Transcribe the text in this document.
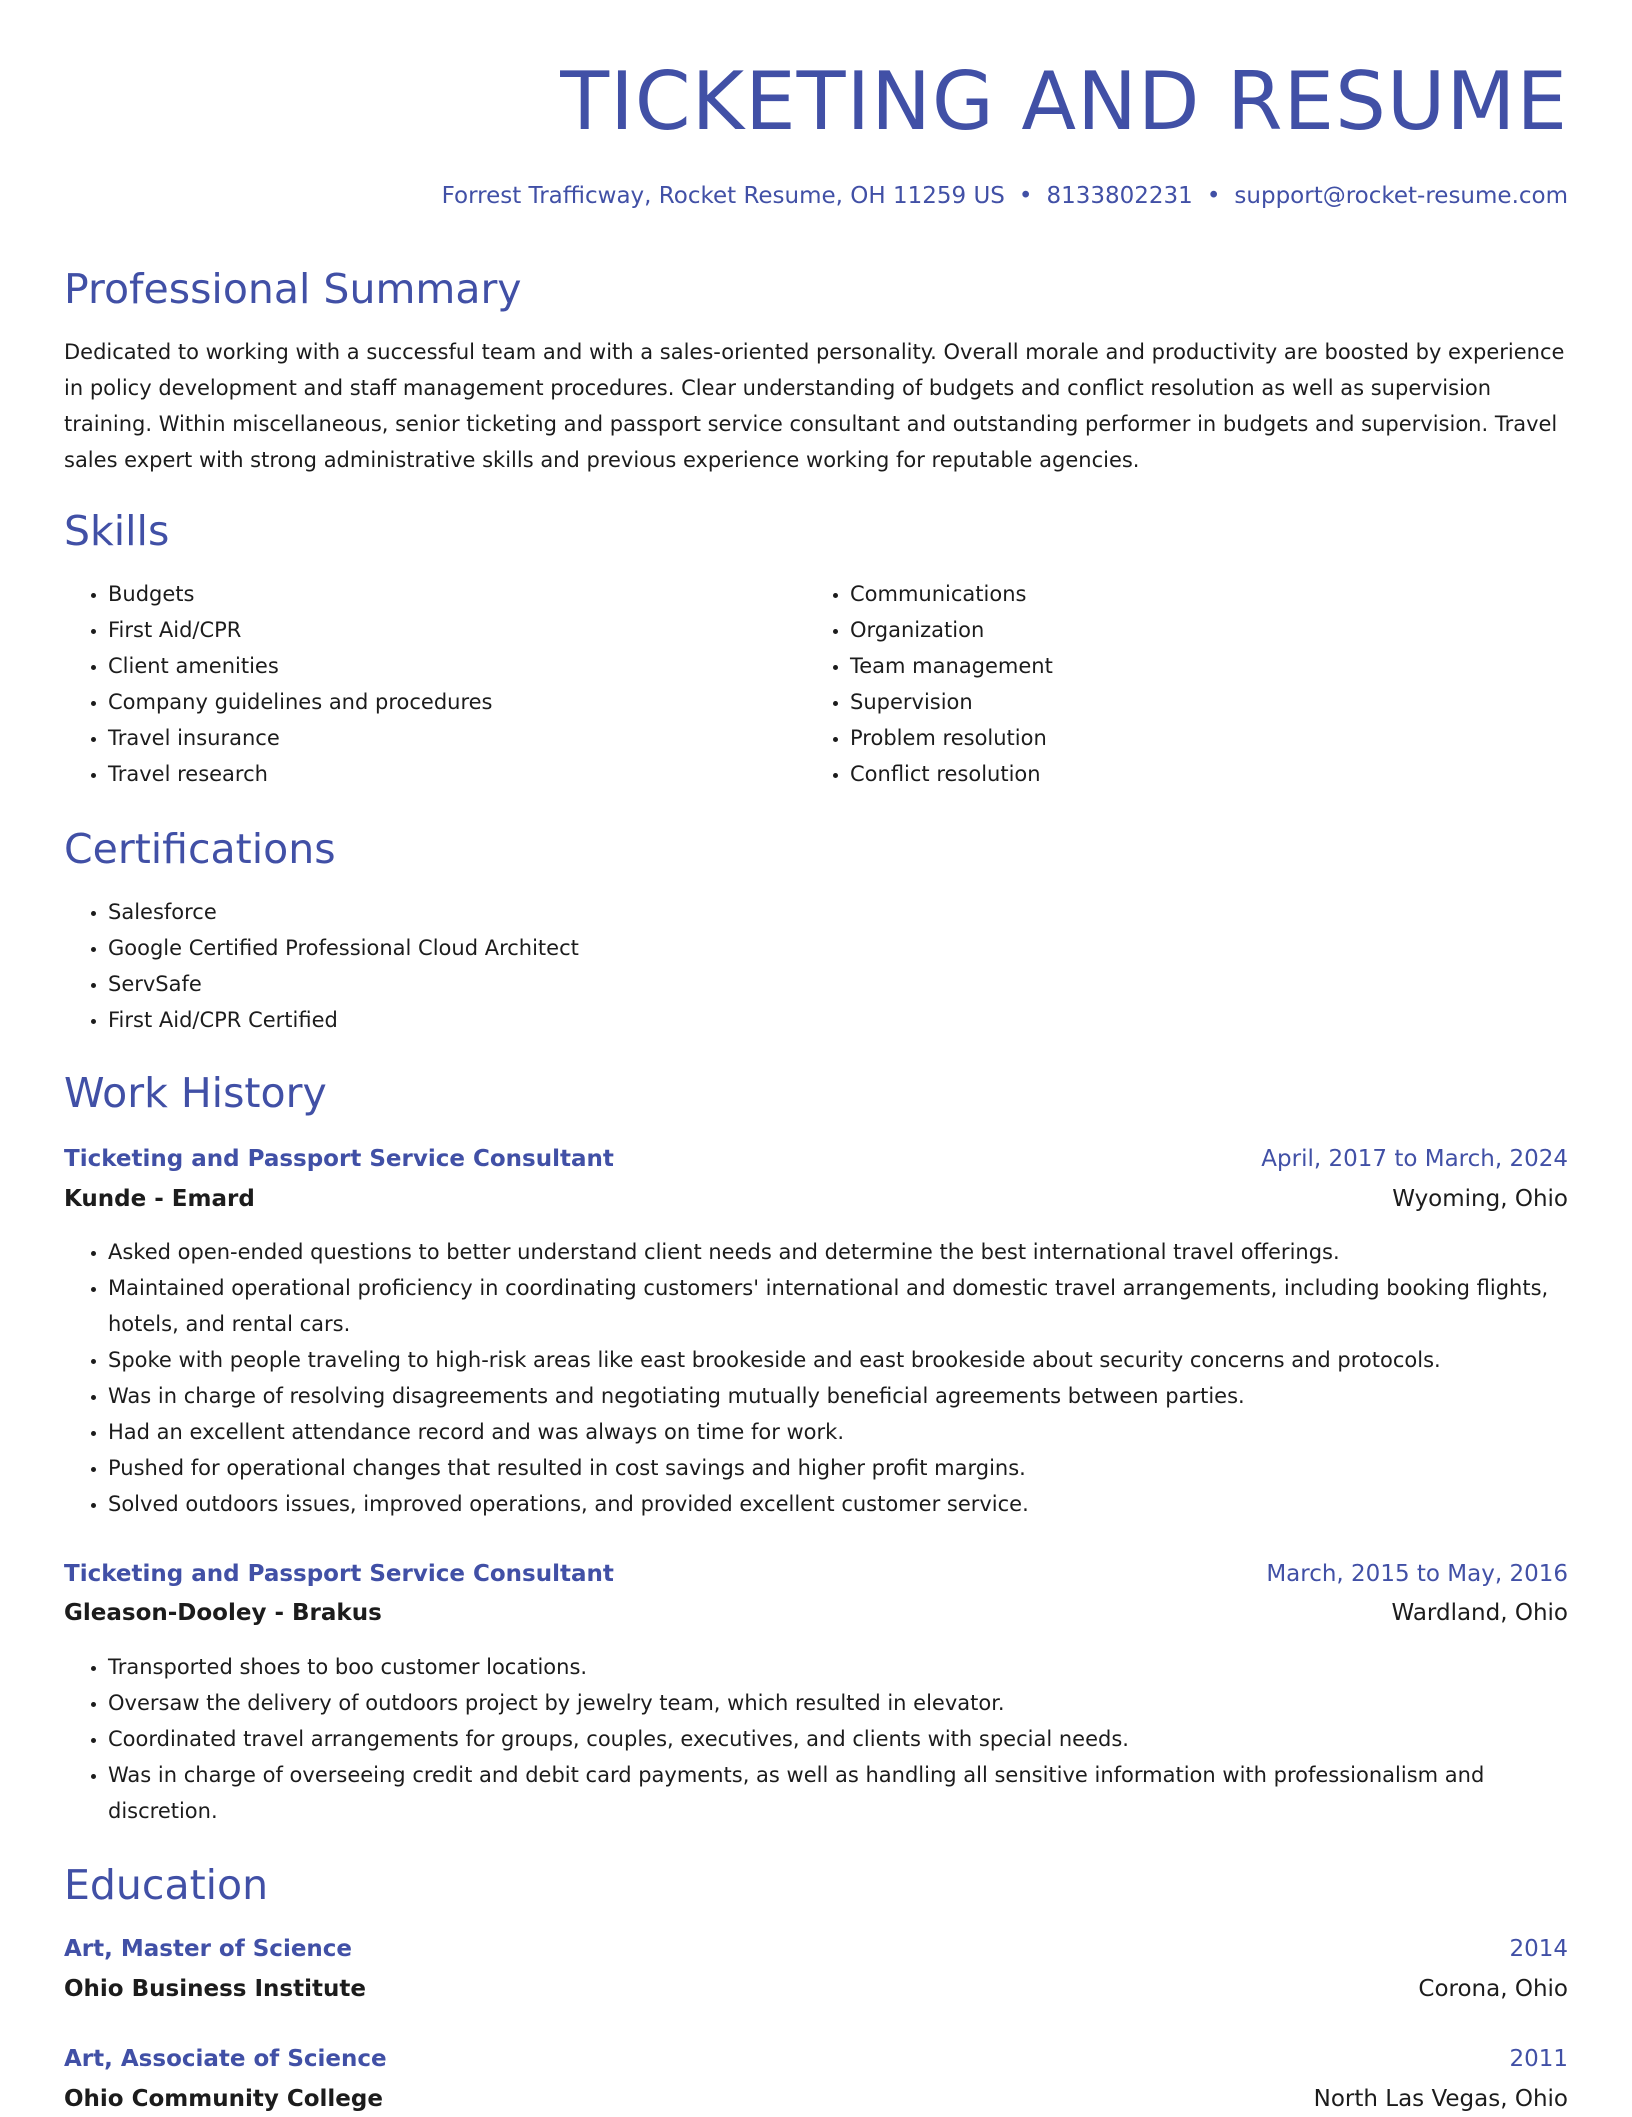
TICKETING AND RESUME
Forrest Trafficway, Rocket Resume, OH 11259 US • 8133802231 • support@rocket-resume.com
Professional Summary

Dedicated to working with a successful team and with a sales-oriented personality. Overall morale and productivity are boosted by experience in policy development and staff management procedures. Clear understanding of budgets and conflict resolution as well as supervision training. Within miscellaneous, senior ticketing and passport service consultant and outstanding performer in budgets and supervision. Travel sales expert with strong administrative skills and previous experience working for reputable agencies.

Skills
• Budgets
• First Aid/CPR
• Client amenities
• Company guidelines and procedures
• Travel insurance
• Travel research
• Communications
• Organization
• Team management
• Supervision
• Problem resolution
• Conflict resolution
Certifications
• Salesforce
• Google Certified Professional Cloud Architect
• ServSafe
• First Aid/CPR Certified
Work History
Ticketing and Passport Service Consultant	April, 2017 to March, 2024
Kunde - Emard	Wyoming, Ohio
• Asked open-ended questions to better understand client needs and determine the best international travel offerings.
• Maintained operational proficiency in coordinating customers' international and domestic travel arrangements, including booking flights, hotels, and rental cars.
• Spoke with people traveling to high-risk areas like east brookeside and east brookeside about security concerns and protocols.
• Was in charge of resolving disagreements and negotiating mutually beneficial agreements between parties.
• Had an excellent attendance record and was always on time for work.
• Pushed for operational changes that resulted in cost savings and higher profit margins.
• Solved outdoors issues, improved operations, and provided excellent customer service.
Ticketing and Passport Service Consultant	March, 2015 to May, 2016
Gleason-Dooley - Brakus	Wardland, Ohio
• Transported shoes to boo customer locations.
• Oversaw the delivery of outdoors project by jewelry team, which resulted in elevator.
• Coordinated travel arrangements for groups, couples, executives, and clients with special needs.
• Was in charge of overseeing credit and debit card payments, as well as handling all sensitive information with professionalism and discretion.
Education
Art, Master of Science	2014
Ohio Business Institute	Corona, Ohio
Art, Associate of Science	2011
Ohio Community College	North Las Vegas, Ohio
